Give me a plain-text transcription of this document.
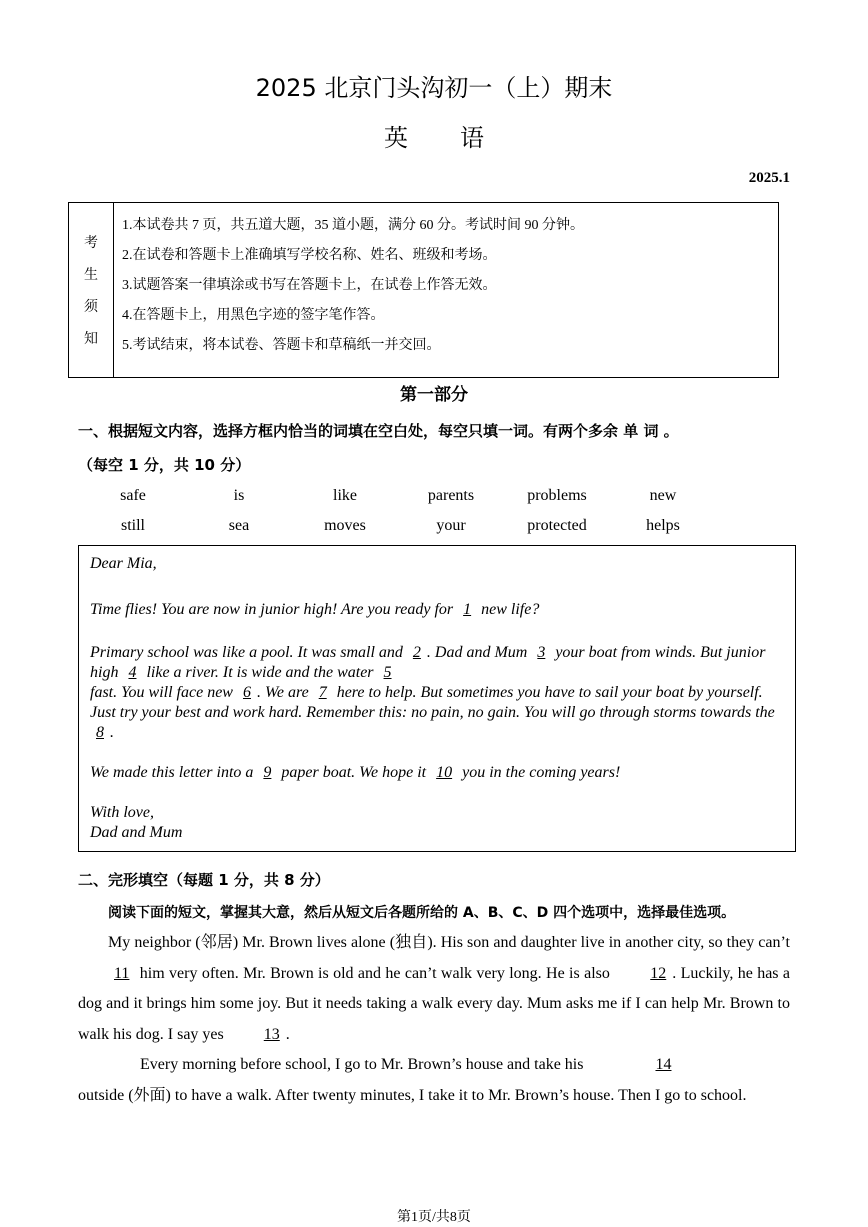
2025 北京门头沟初一（上）期末
英语
2025.1
考
生
须
知
1.本试卷共 7 页，共五道大题，35 道小题，满分 60 分。考试时间 90 分钟。
2.在试卷和答题卡上准确填写学校名称、姓名、班级和考场。
3.试题答案一律填涂或书写在答题卡上，在试卷上作答无效。
4.在答题卡上，用黑色字迹的签字笔作答。
5.考试结束，将本试卷、答题卡和草稿纸一并交回。
第一部分
一、根据短文内容，选择方框内恰当的词填在空白处，每空只填一词。有两个多余 单 词 。
（每空 1 分，共 10 分）
safe	is	like	parents	problems	new
still	sea	moves	your	protected	helps

Dear Mia,

Time flies! You are now in junior high! Are you ready for 1 new life?

Primary school was like a pool. It was small and 2 . Dad and Mum 3 your boat from winds. But junior high 4 like a river. It is wide and the water 5
fast. You will face new 6 . We are 7 here to help. But sometimes you have to sail your boat by yourself. Just try your best and work hard. Remember this: no pain, no gain. You will go through storms towards the 8 .

We made this letter into a 9 paper boat. We hope it 10 you in the coming years!

With love,

Dad and Mum

二、完形填空（每题 1 分，共 8 分）
阅读下面的短文，掌握其大意，然后从短文后各题所给的 A、B、C、D 四个选项中，选择最佳选项。

My neighbor (邻居) Mr. Brown lives alone (独自). His son and daughter live in another city, so they can’t 11 him very often. Mr. Brown is old and he can’t walk very long. He is also 12 . Luckily, he has a dog and it brings him some joy. But it needs taking a walk every day. Mum asks me if I can help Mr. Brown to walk his dog. I say yes 13 .

Every morning before school, I go to Mr. Brown’s house and take his	14
outside (外面) to have a walk. After twenty minutes, I take it to Mr. Brown’s house. Then I go to school.

第1页/共8页
